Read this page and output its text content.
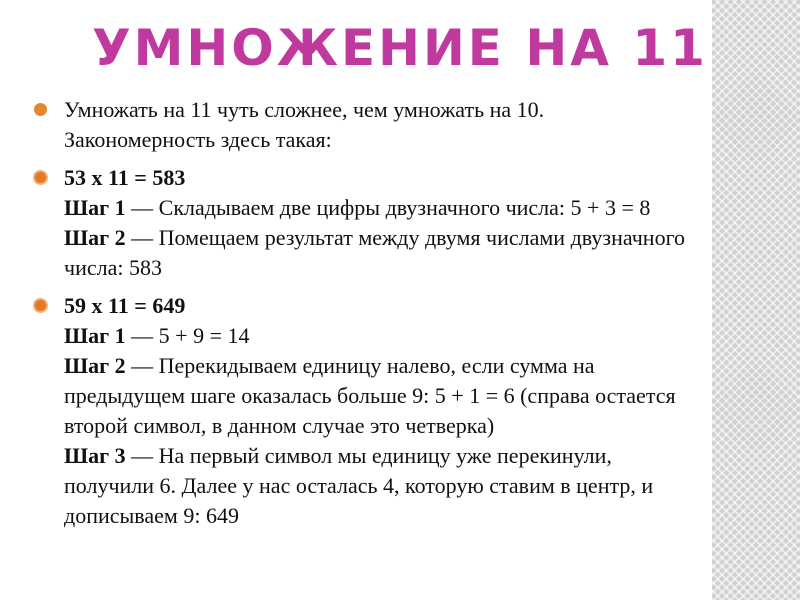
УМНОЖЕНИЕ НА 11
Умножать на 11 чуть сложнее, чем умножать на 10.
Закономерность здесь такая:
53 x 11 = 583
Шаг 1 — Складываем две цифры двузначного числа: 5 + 3 = 8
Шаг 2 — Помещаем результат между двумя числами двузначного числа: 583
59 x 11 = 649
Шаг 1 — 5 + 9 = 14
Шаг 2 — Перекидываем единицу налево, если сумма на предыдущем шаге оказалась больше 9: 5 + 1 = 6 (справа остается второй символ, в данном случае это четверка)
Шаг 3 — На первый символ мы единицу уже перекинули, получили 6. Далее у нас осталась 4, которую ставим в центр, и дописываем 9: 649
